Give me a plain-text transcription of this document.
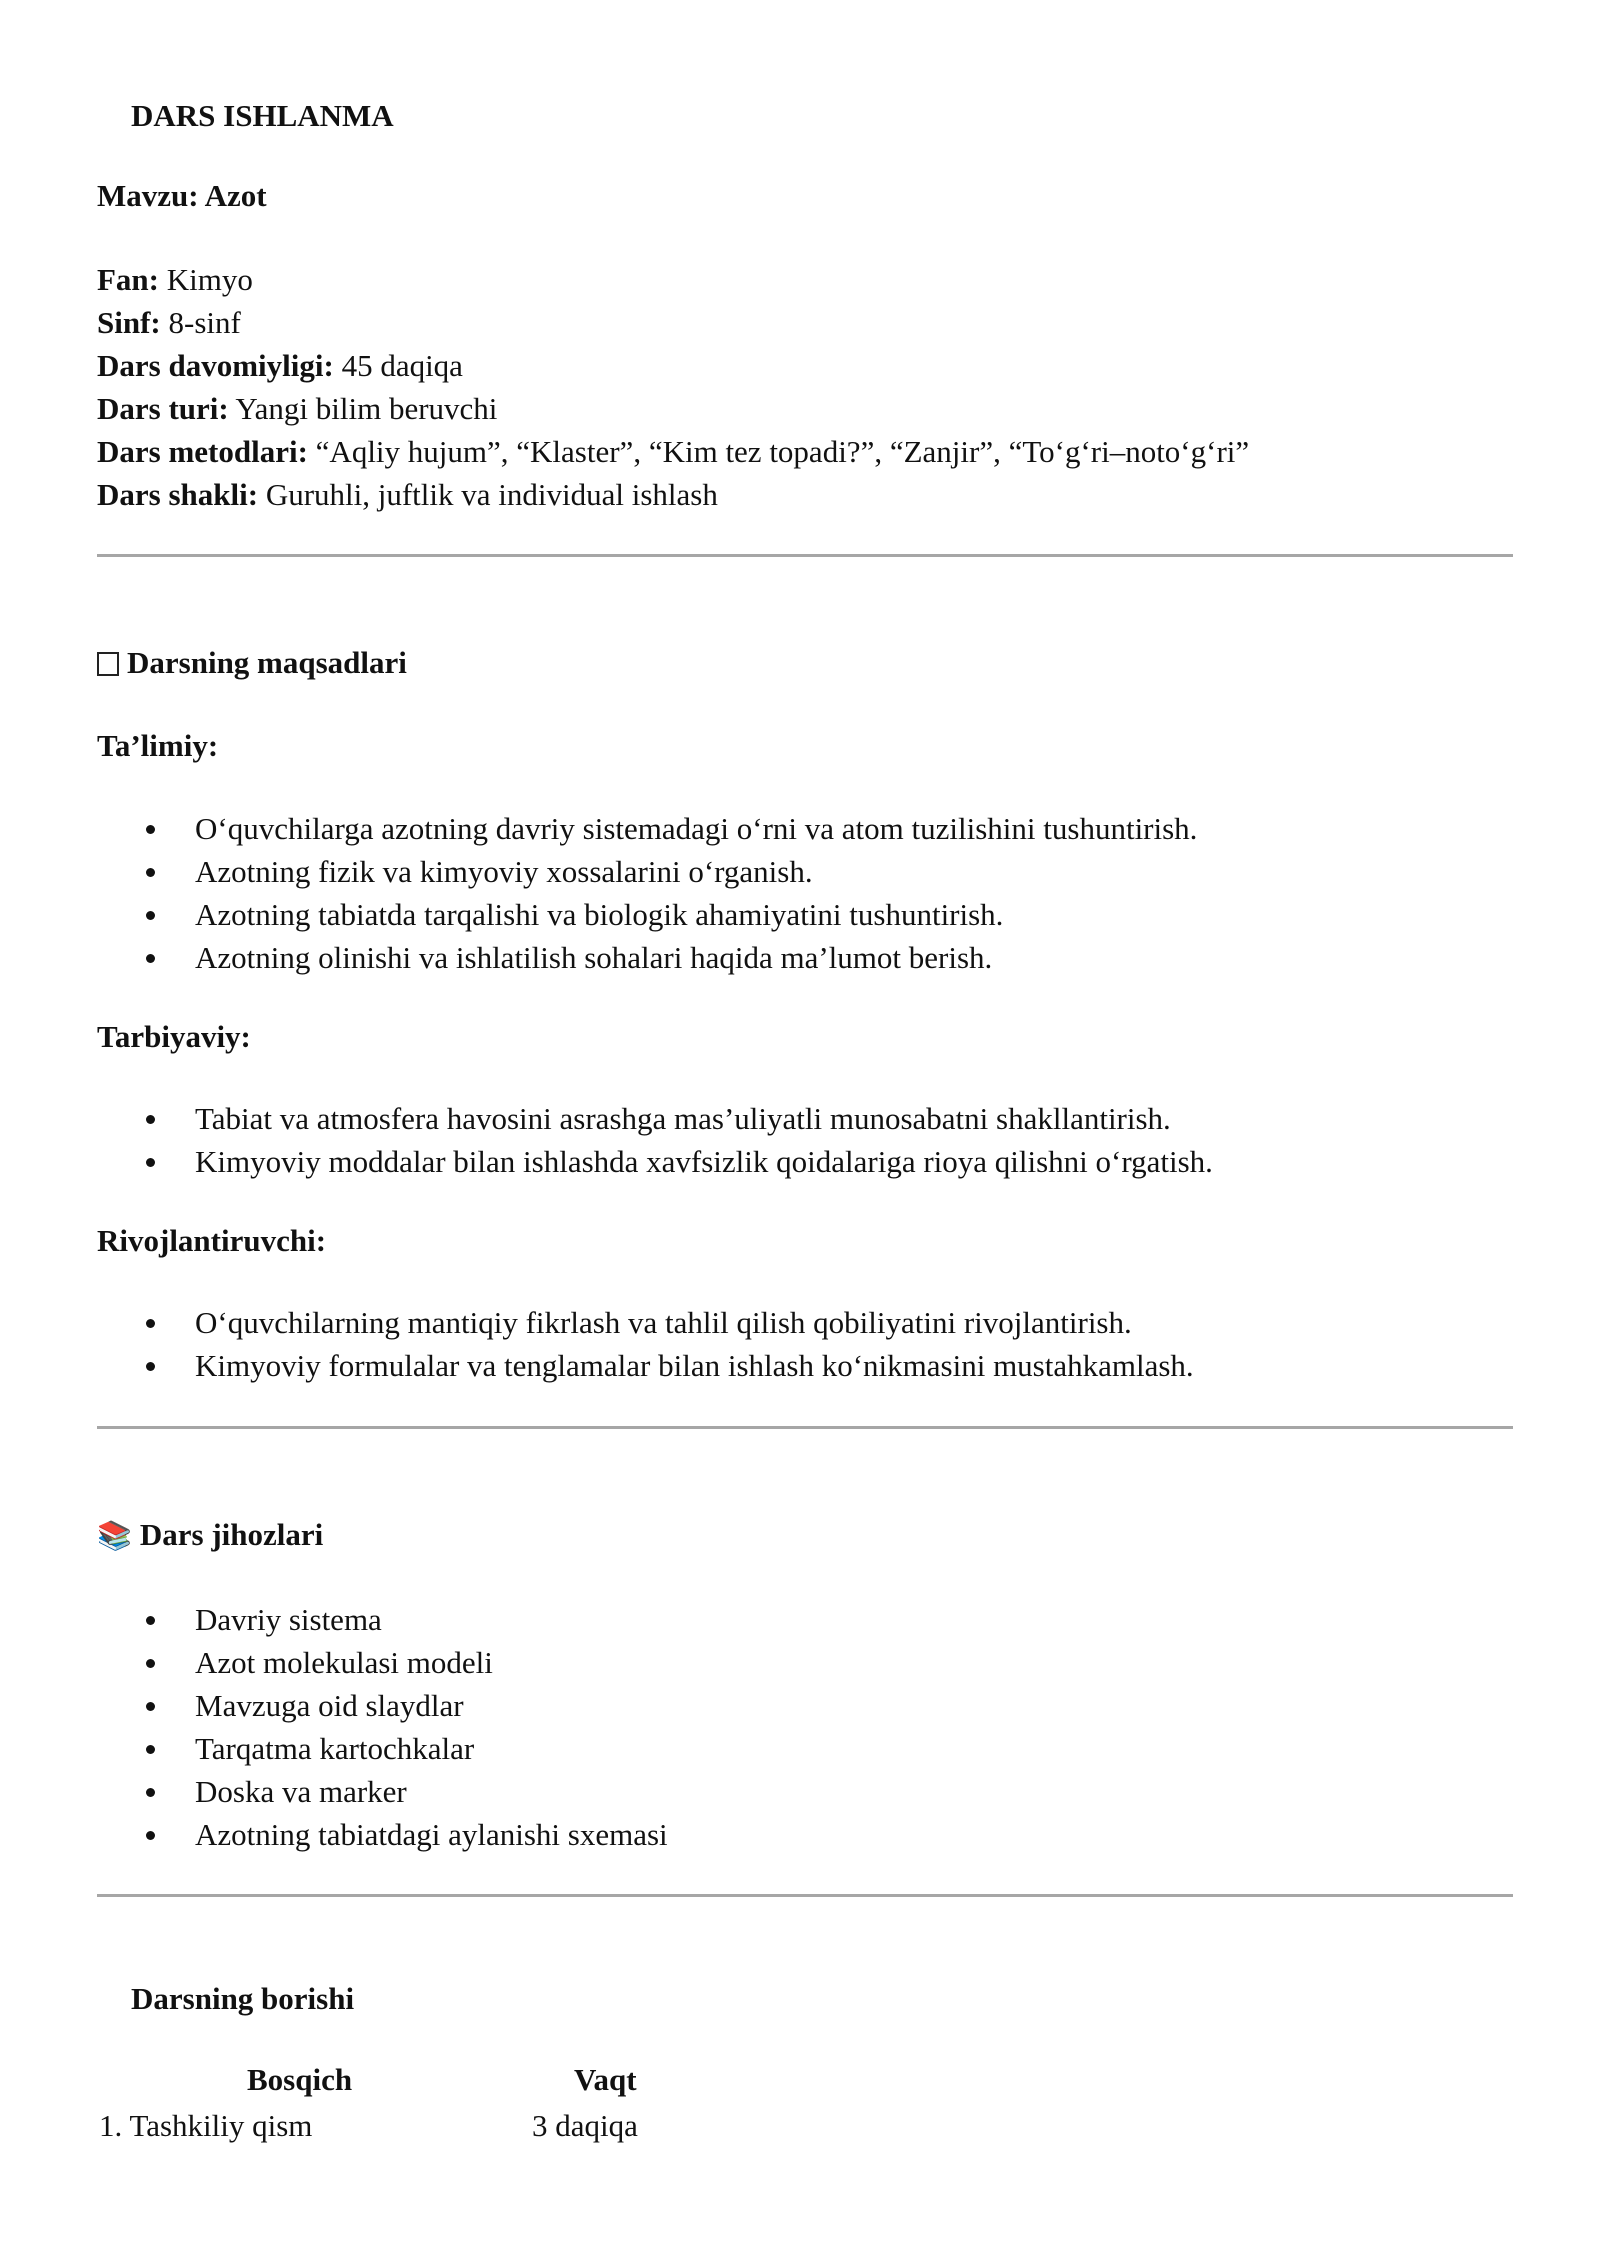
DARS ISHLANMA
Mavzu: Azot
Fan: Kimyo
Sinf: 8-sinf
Dars davomiyligi: 45 daqiqa
Dars turi: Yangi bilim beruvchi
Dars metodlari: “Aqliy hujum”, “Klaster”, “Kim tez topadi?”, “Zanjir”, “To‘g‘ri–noto‘g‘ri”
Dars shakli: Guruhli, juftlik va individual ishlash
Darsning maqsadlari
Ta’limiy:
O‘quvchilarga azotning davriy sistemadagi o‘rni va atom tuzilishini tushuntirish.
Azotning fizik va kimyoviy xossalarini o‘rganish.
Azotning tabiatda tarqalishi va biologik ahamiyatini tushuntirish.
Azotning olinishi va ishlatilish sohalari haqida ma’lumot berish.
Tarbiyaviy:
Tabiat va atmosfera havosini asrashga mas’uliyatli munosabatni shakllantirish.
Kimyoviy moddalar bilan ishlashda xavfsizlik qoidalariga rioya qilishni o‘rgatish.
Rivojlantiruvchi:
O‘quvchilarning mantiqiy fikrlash va tahlil qilish qobiliyatini rivojlantirish.
Kimyoviy formulalar va tenglamalar bilan ishlash ko‘nikmasini mustahkamlash.
📚 Dars jihozlari
Davriy sistema
Azot molekulasi modeli
Mavzuga oid slaydlar
Tarqatma kartochkalar
Doska va marker
Azotning tabiatdagi aylanishi sxemasi
Darsning borishi
Bosqich	Vaqt
1. Tashkiliy qism	3 daqiqa
